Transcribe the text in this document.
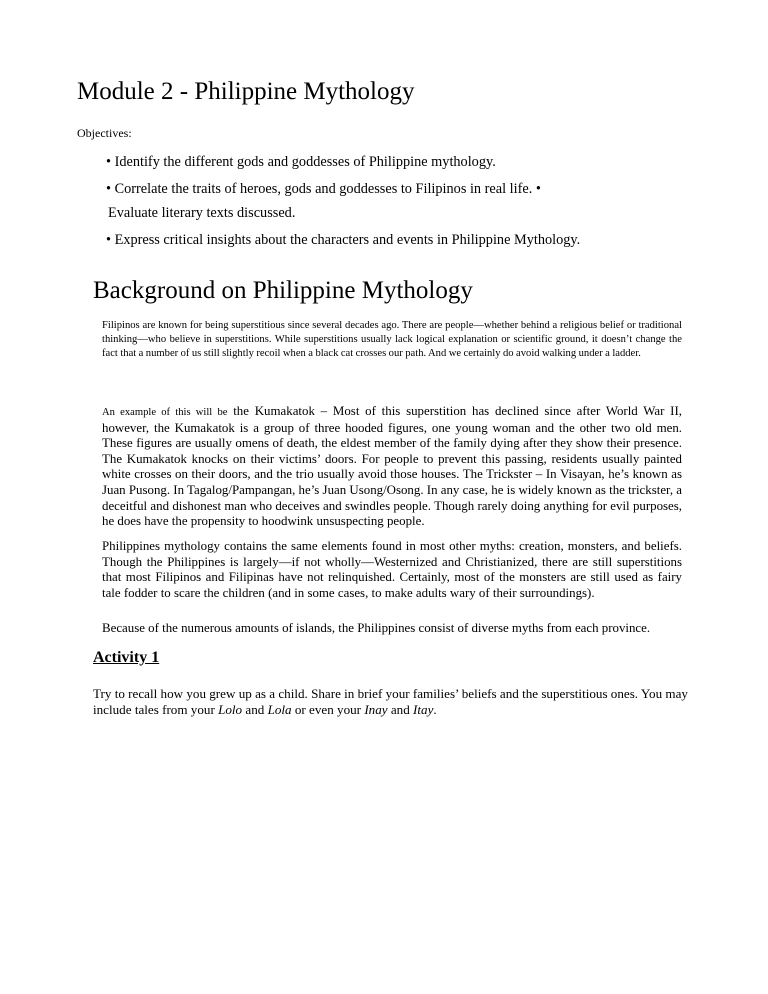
Module 2 - Philippine Mythology

Objectives:

• Identify the different gods and goddesses of Philippine mythology.

• Correlate the traits of heroes, gods and goddesses to Filipinos in real life. •

Evaluate literary texts discussed.

• Express critical insights about the characters and events in Philippine Mythology.

Background on Philippine Mythology

Filipinos are known for being superstitious since several decades ago. There are people—whether behind a religious belief or traditional thinking—who believe in superstitions. While superstitions usually lack logical explanation or scientific ground, it doesn’t change the fact that a number of us still slightly recoil when a black cat crosses our path. And we certainly do avoid walking under a ladder.

An example of this will be the Kumakatok – Most of this superstition has declined since after World War II, however, the Kumakatok is a group of three hooded figures, one young woman and the other two old men. These figures are usually omens of death, the eldest member of the family dying after they show their presence. The Kumakatok knocks on their victims’ doors. For people to prevent this passing, residents usually painted white crosses on their doors, and the trio usually avoid those houses. The Trickster – In Visayan, he’s known as Juan Pusong. In Tagalog/Pampangan, he’s Juan Usong/Osong. In any case, he is widely known as the trickster, a deceitful and dishonest man who deceives and swindles people. Though rarely doing anything for evil purposes, he does have the propensity to hoodwink unsuspecting people.

Philippines mythology contains the same elements found in most other myths: creation, monsters, and beliefs. Though the Philippines is largely—if not wholly—Westernized and Christianized, there are still superstitions that most Filipinos and Filipinas have not relinquished. Certainly, most of the monsters are still used as fairy tale fodder to scare the children (and in some cases, to make adults wary of their surroundings).

Because of the numerous amounts of islands, the Philippines consist of diverse myths from each province.

Activity 1

Try to recall how you grew up as a child. Share in brief your families’ beliefs and the superstitious ones. You may include tales from your Lolo and Lola or even your Inay and Itay.
